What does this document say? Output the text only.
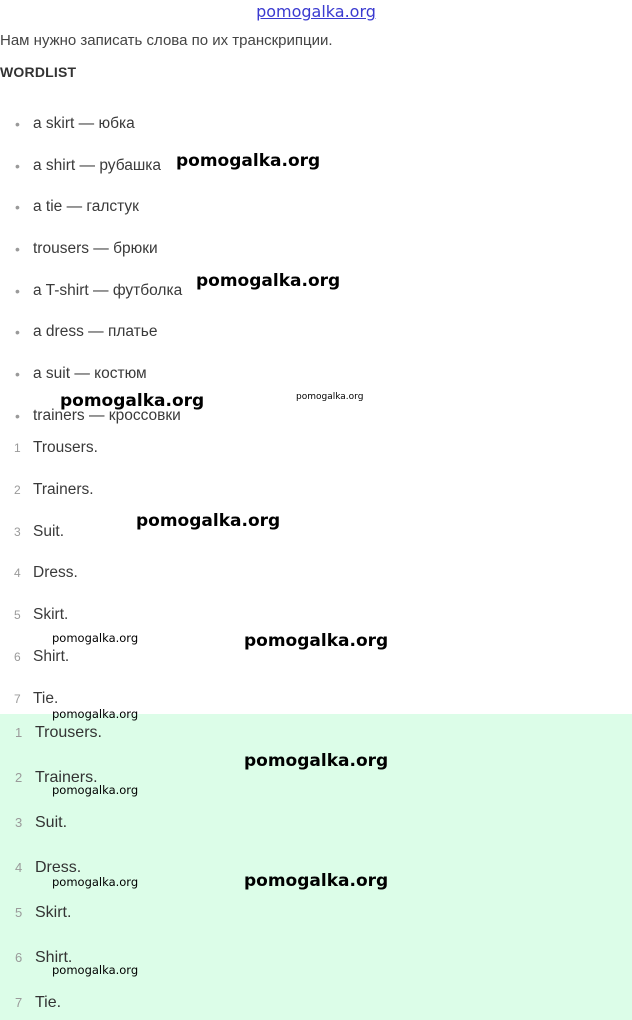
pomogalka.org
Нам нужно записать слова по их транскрипции.
WORDLIST
• a skirt — юбка
• a shirt — рубашка
• a tie — галстук
• trousers — брюки
• a T-shirt — футболка
• a dress — платье
• a suit — костюм
• trainers — кроссовки
1 Trousers.
2 Trainers.
3 Suit.
4 Dress.
5 Skirt.
6 Shirt.
7 Tie.
1 Trousers.
2 Trainers.
3 Suit.
4 Dress.
5 Skirt.
6 Shirt.
7 Tie.
pomogalka.org
pomogalka.org
pomogalka.org	pomogalka.org
pomogalka.org
pomogalka.org	pomogalka.org
pomogalka.org
pomogalka.org
pomogalka.org
pomogalka.org	pomogalka.org
pomogalka.org
